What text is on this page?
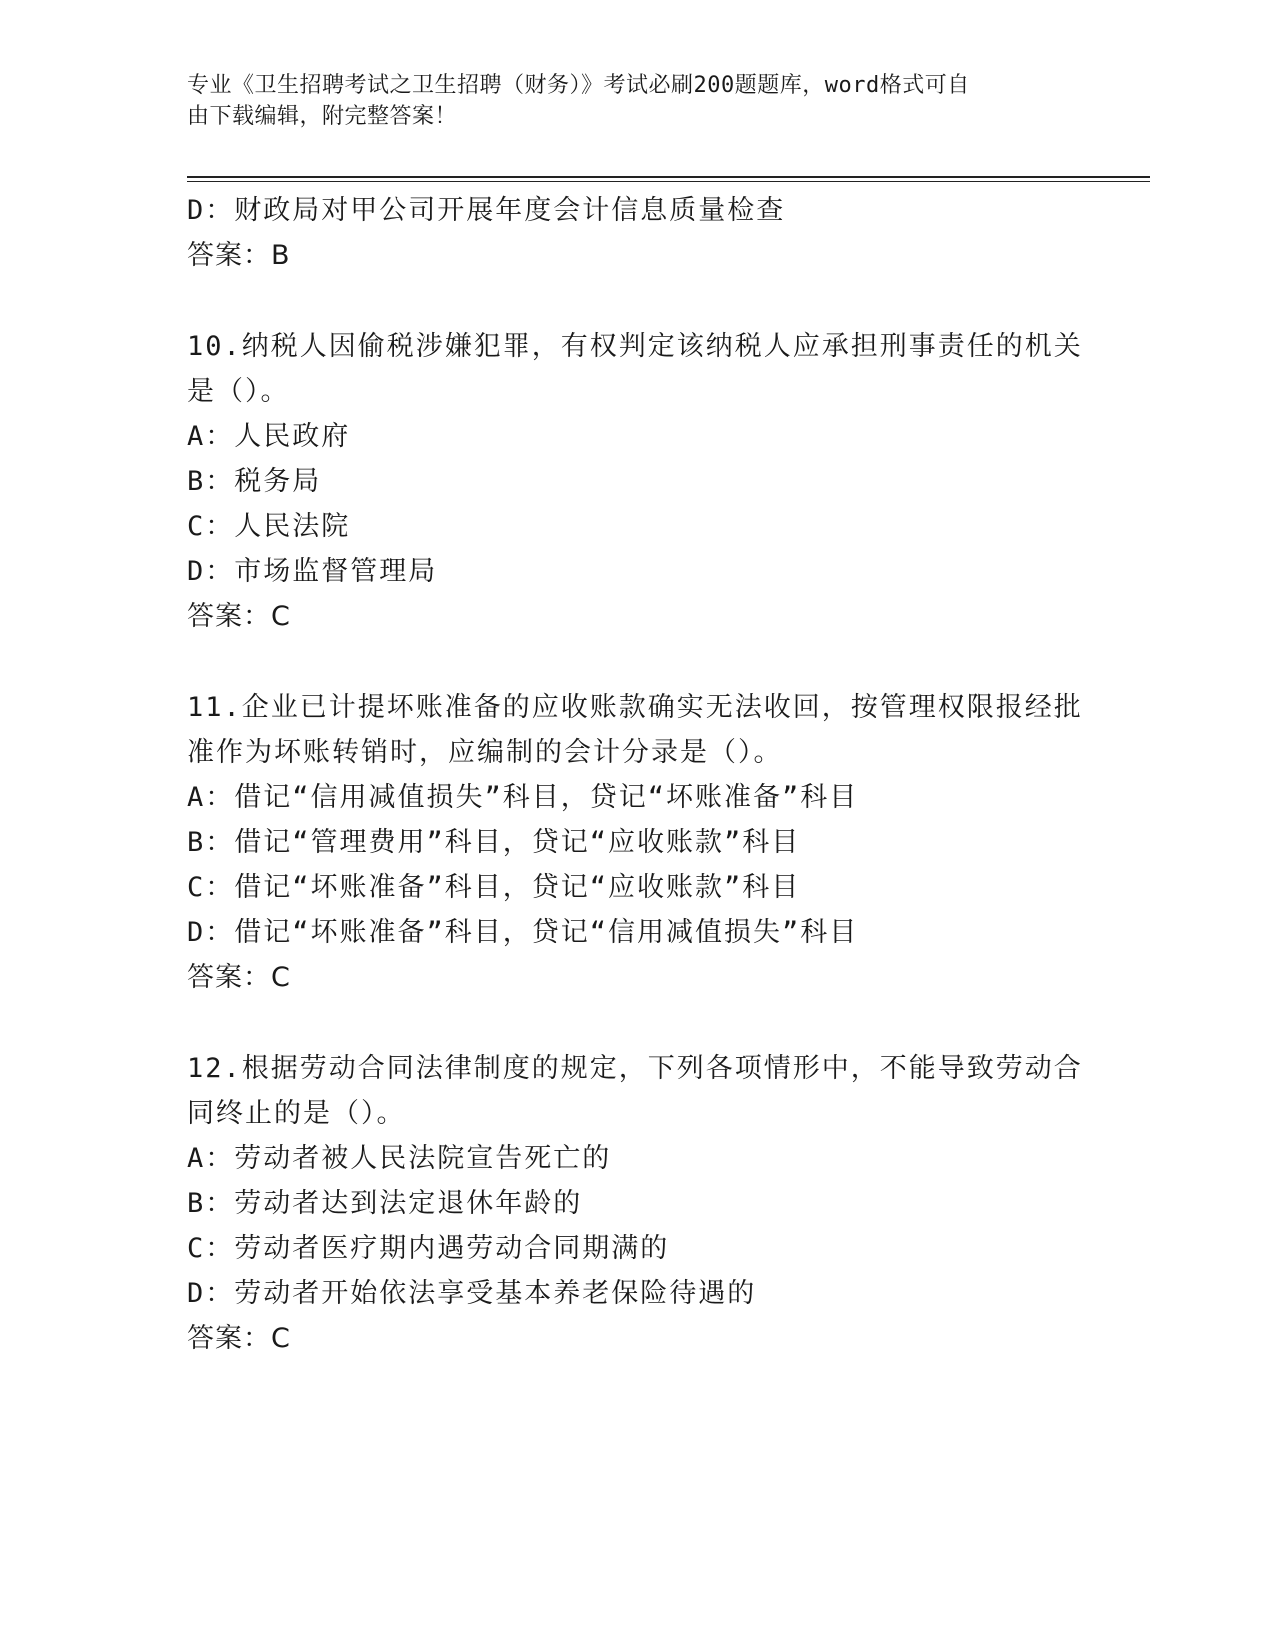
专业《卫生招聘考试之卫生招聘（财务）》考试必刷200题题库，word格式可自
由下载编辑，附完整答案！
D：财政局对甲公司开展年度会计信息质量检查
答案：B
10.纳税人因偷税涉嫌犯罪，有权判定该纳税人应承担刑事责任的机关
是（）。
A：人民政府
B：税务局
C：人民法院
D：市场监督管理局
答案：C
11.企业已计提坏账准备的应收账款确实无法收回，按管理权限报经批
准作为坏账转销时，应编制的会计分录是（）。
A：借记“信用减值损失”科目，贷记“坏账准备”科目
B：借记“管理费用”科目，贷记“应收账款”科目
C：借记“坏账准备”科目，贷记“应收账款”科目
D：借记“坏账准备”科目，贷记“信用减值损失”科目
答案：C
12.根据劳动合同法律制度的规定，下列各项情形中，不能导致劳动合
同终止的是（）。
A：劳动者被人民法院宣告死亡的
B：劳动者达到法定退休年龄的
C：劳动者医疗期内遇劳动合同期满的
D：劳动者开始依法享受基本养老保险待遇的
答案：C
